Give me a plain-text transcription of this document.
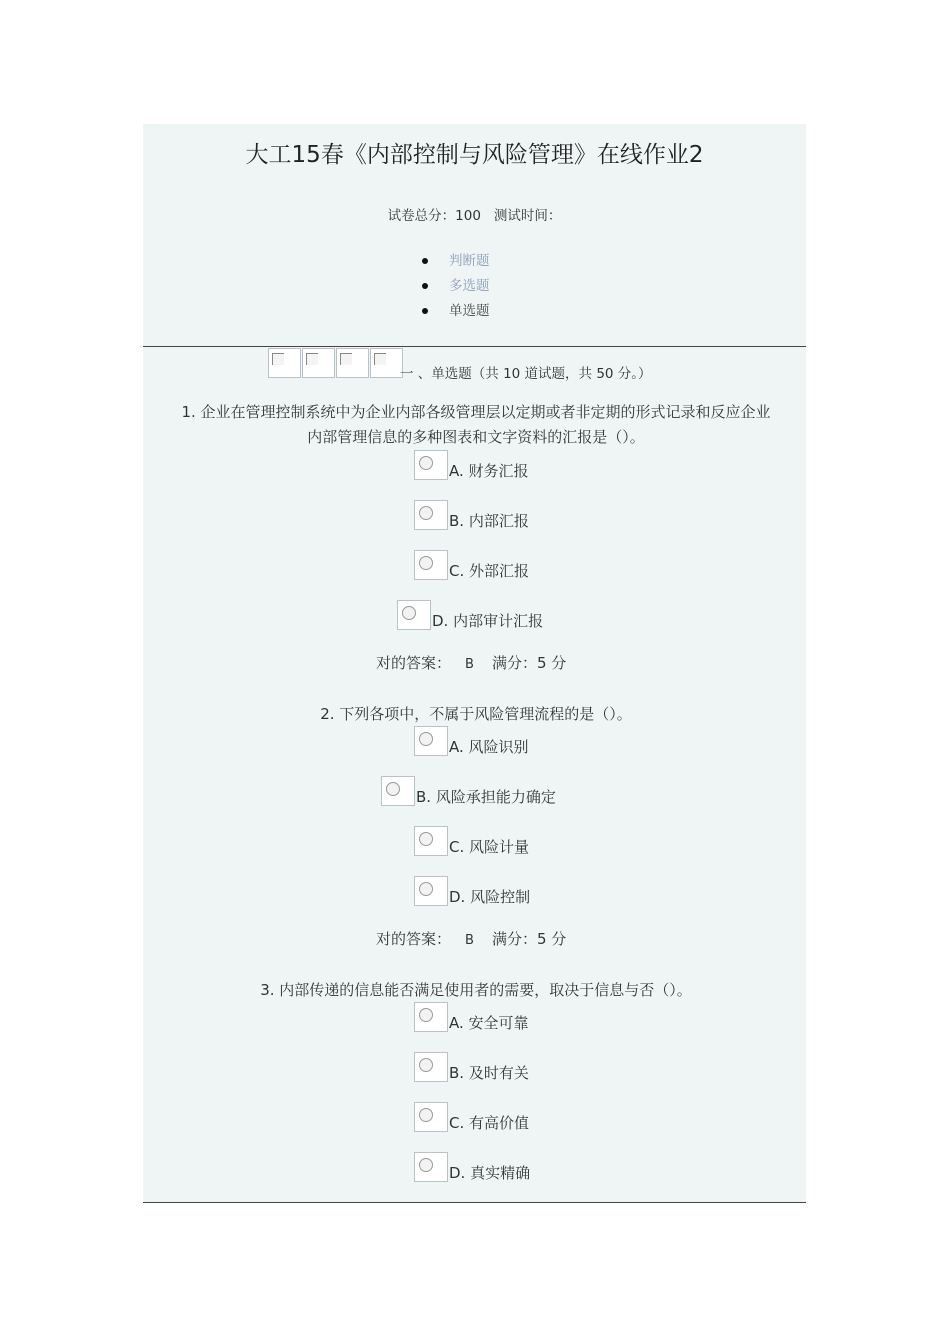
大工15春《内部控制与风险管理》在线作业2
试卷总分：100 测试时间：
判断题
多选题
单选题
一 、单选题（共 10 道试题，共 50 分。）
1. 企业在管理控制系统中为企业内部各级管理层以定期或者非定期的形式记录和反应企业
内部管理信息的多种图表和文字资料的汇报是（）。
A. 财务汇报
B. 内部汇报
C. 外部汇报
D. 内部审计汇报
对的答案： B 满分：5 分
2. 下列各项中，不属于风险管理流程的是（）。
A. 风险识别
B. 风险承担能力确定
C. 风险计量
D. 风险控制
对的答案： B 满分：5 分
3. 内部传递的信息能否满足使用者的需要，取决于信息与否（）。
A. 安全可靠
B. 及时有关
C. 有高价值
D. 真实精确
